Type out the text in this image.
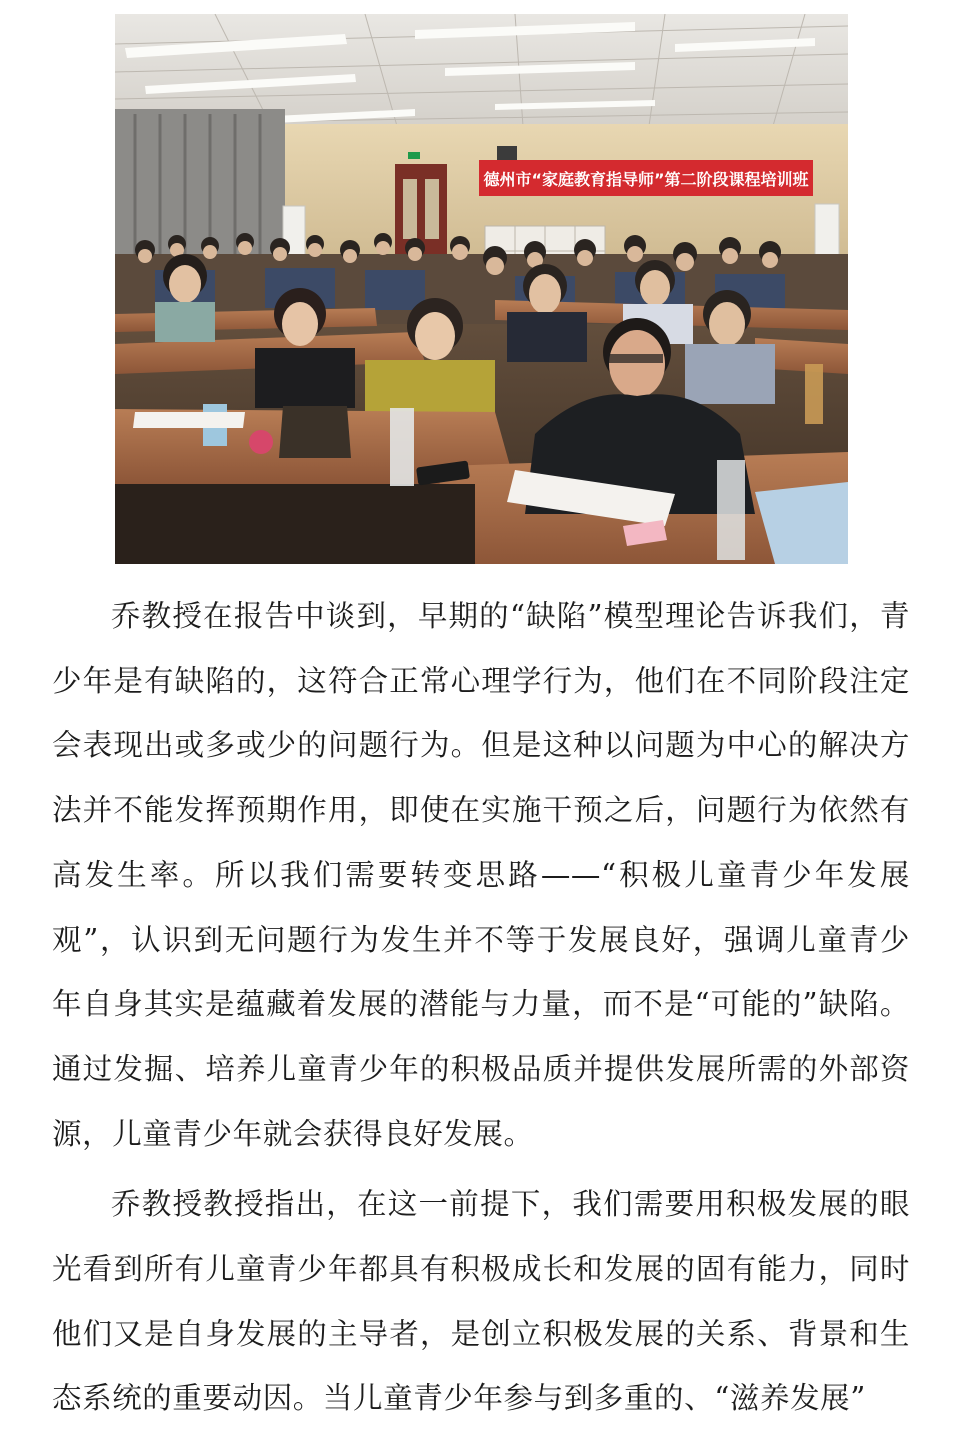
德州市“家庭教育指导师”第二阶段课程培训班

乔教授在报告中谈到，早期的“缺陷”模型理论告诉我们，青少年是有缺陷的，这符合正常心理学行为，他们在不同阶段注定会表现出或多或少的问题行为。但是这种以问题为中心的解决方法并不能发挥预期作用，即使在实施干预之后，问题行为依然有高发生率。所以我们需要转变思路——“积极儿童青少年发展观”，认识到无问题行为发生并不等于发展良好，强调儿童青少年自身其实是蕴藏着发展的潜能与力量，而不是“可能的”缺陷。通过发掘、培养儿童青少年的积极品质并提供发展所需的外部资源，儿童青少年就会获得良好发展。

乔教授教授指出，在这一前提下，我们需要用积极发展的眼光看到所有儿童青少年都具有积极成长和发展的固有能力，同时他们又是自身发展的主导者，是创立积极发展的关系、背景和生态系统的重要动因。当儿童青少年参与到多重的、“滋养发展”
